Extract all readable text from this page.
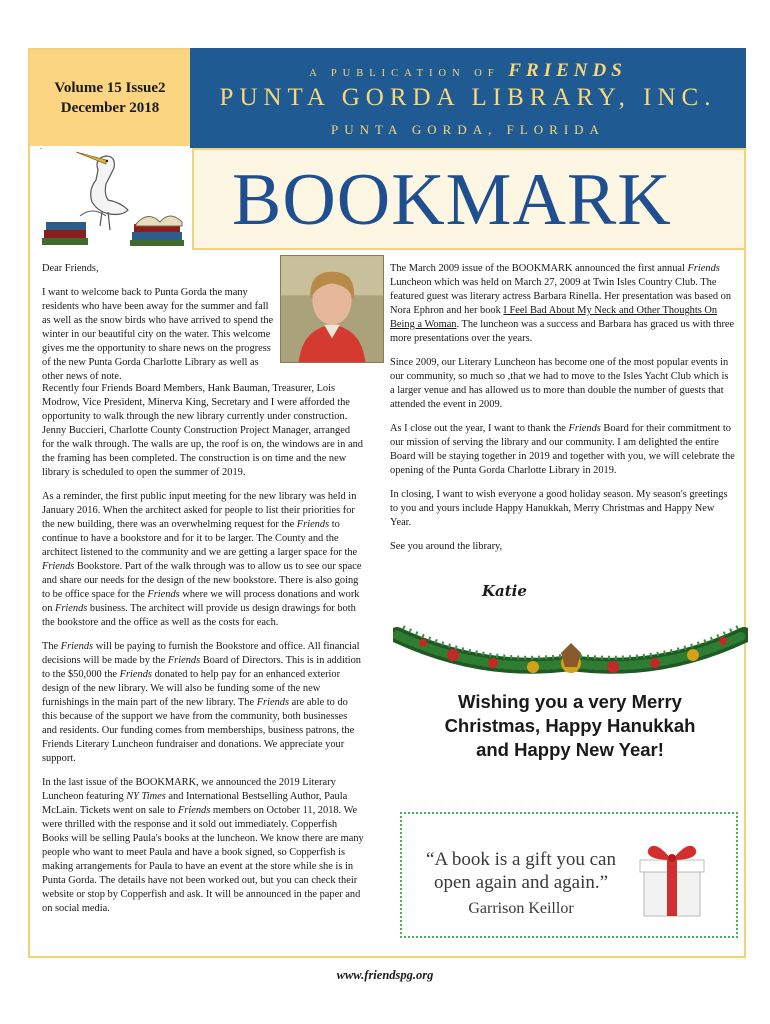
Volume 15 Issue2
December 2018
.
A PUBLICATION OF FRIENDS
PUNTA GORDA LIBRARY, INC.
PUNTA GORDA, FLORIDA
BOOKMARK

Dear Friends,

I want to welcome back to Punta Gorda the many residents who have been away for the summer and fall as well as the snow birds who have arrived to spend the winter in our beautiful city on the water. This welcome gives me the opportunity to share news on the progress of the new Punta Gorda Charlotte Library as well as other news of note.

Recently four Friends Board Members, Hank Bauman, Treasurer, Lois Modrow, Vice President, Minerva King, Secretary and I were afforded the opportunity to walk through the new library currently under construction. Jenny Buccieri, Charlotte County Construction Project Manager, arranged for the walk through. The walls are up, the roof is on, the windows are in and the framing has been completed. The construction is on time and the new library is scheduled to open the summer of 2019.

As a reminder, the first public input meeting for the new library was held in January 2016. When the architect asked for people to list their priorities for the new building, there was an overwhelming request for the Friends to continue to have a bookstore and for it to be larger. The County and the architect listened to the community and we are getting a larger space for the Friends Bookstore. Part of the walk through was to allow us to see our space and share our needs for the design of the new bookstore. There is also going to be office space for the Friends where we will process donations and work on Friends business. The architect will provide us design drawings for both the bookstore and the office as well as the costs for each.

The Friends will be paying to furnish the Bookstore and office. All financial decisions will be made by the Friends Board of Directors. This is in addition to the $50,000 the Friends donated to help pay for an enhanced exterior design of the new library. We will also be funding some of the new furnishings in the main part of the new library. The Friends are able to do this because of the support we have from the community, both businesses and residents. Our funding comes from memberships, business patrons, the Friends Literary Luncheon fundraiser and donations. We appreciate your support.

In the last issue of the BOOKMARK, we announced the 2019 Literary Luncheon featuring NY Times and International Bestselling Author, Paula McLain. Tickets went on sale to Friends members on October 11, 2018. We were thrilled with the response and it sold out immediately. Copperfish Books will be selling Paula's books at the luncheon. We know there are many people who want to meet Paula and have a book signed, so Copperfish is making arrangements for Paula to have an event at the store while she is in Punta Gorda. The details have not been worked out, but you can check their website or stop by Copperfish and ask. It will be announced in the paper and on social media.

The March 2009 issue of the BOOKMARK announced the first annual Friends Luncheon which was held on March 27, 2009 at Twin Isles Country Club. The featured guest was literary actress Barbara Rinella. Her presentation was based on Nora Ephron and her book I Feel Bad About My Neck and Other Thoughts On Being a Woman. The luncheon was a success and Barbara has graced us with three more presentations over the years.

Since 2009, our Literary Luncheon has become one of the most popular events in our community, so much so ,that we had to move to the Isles Yacht Club which is a larger venue and has allowed us to more than double the number of guests that attended the event in 2009.

As I close out the year, I want to thank the Friends Board for their commitment to our mission of serving the library and our community. I am delighted the entire Board will be staying together in 2019 and together with you, we will celebrate the opening of the Punta Gorda Charlotte Library in 2019.

In closing, I want to wish everyone a good holiday season. My season's greetings to you and yours include Happy Hanukkah, Merry Christmas and Happy New Year.

See you around the library,

Katie
Wishing you a very Merry
Christmas, Happy Hanukkah
and Happy New Year!
“A book is a gift you can
open again and again.”
Garrison Keillor
www.friendspg.org
